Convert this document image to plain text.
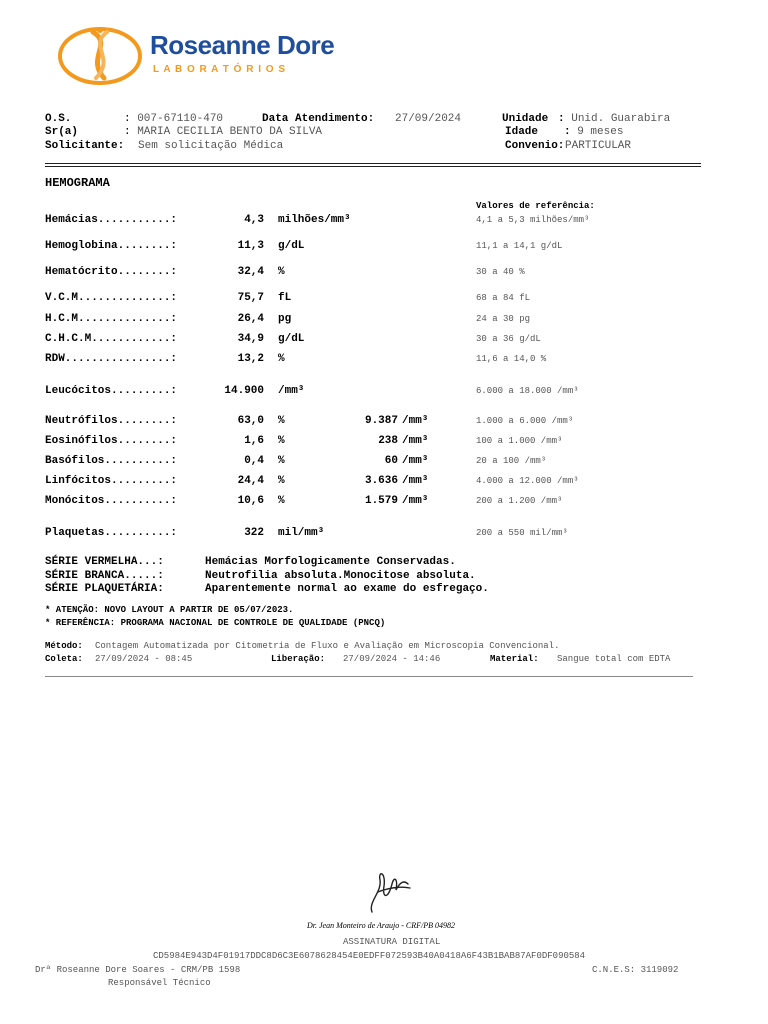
Roseanne Dore

L A B O R A T Ó R I O S

O.S.	: 007-67110-470	Data Atendimento: 27/09/2024	Unidade : Unid. Guarabira
Sr(a)	: MARIA CECILIA BENTO DA SILVA	Idade : 9 meses
Solicitante: Sem solicitação Médica	Convenio: PARTICULAR
HEMOGRAMA
Valores de referência:
Hemácias...........:	4,3 milhões/mm³	4,1 a 5,3 milhões/mm³
Hemoglobina........:	11,3 g/dL	11,1 a 14,1 g/dL
Hematócrito........:	32,4 %	30 a 40 %
V.C.M..............:	75,7 fL	68 a 84 fL
H.C.M..............:	26,4 pg	24 a 30 pg
C.H.C.M............:	34,9 g/dL	30 a 36 g/dL
RDW................:	13,2 %	11,6 a 14,0 %
Leucócitos.........:	14.900 /mm³	6.000 a 18.000 /mm³
Neutrófilos........:	63,0 %	9.387 /mm³	1.000 a 6.000 /mm³
Eosinófilos........:	1,6 %	238 /mm³	100 a 1.000 /mm³
Basófilos..........:	0,4 %	60 /mm³	20 a 100 /mm³
Linfócitos.........:	24,4 %	3.636 /mm³	4.000 a 12.000 /mm³
Monócitos..........:	10,6 %	1.579 /mm³	200 a 1.200 /mm³
Plaquetas..........:	322 mil/mm³	200 a 550 mil/mm³
SÉRIE VERMELHA...:	Hemácias Morfologicamente Conservadas.
SÉRIE BRANCA.....:	Neutrofilia absoluta.Monocitose absoluta.
SÉRIE PLAQUETÁRIA:	Aparentemente normal ao exame do esfregaço.
* ATENÇÃO: NOVO LAYOUT A PARTIR DE 05/07/2023.
* REFERÊNCIA: PROGRAMA NACIONAL DE CONTROLE DE QUALIDADE (PNCQ)
Método: Contagem Automatizada por Citometria de Fluxo e Avaliação em Microscopia Convencional.
Coleta: 27/09/2024 - 08:45	Liberação: 27/09/2024 - 14:46	Material: Sangue total com EDTA
Dr. Jean Monteiro de Araujo - CRF/PB 04982
ASSINATURA DIGITAL
CD5984E943D4F01917DDC8D6C3E6078628454E0EDFF072593B40A0418A6F43B1BAB87AF0DF090584
Drª Roseanne Dore Soares - CRM/PB 1598	C.N.E.S: 3119092
Responsável Técnico
